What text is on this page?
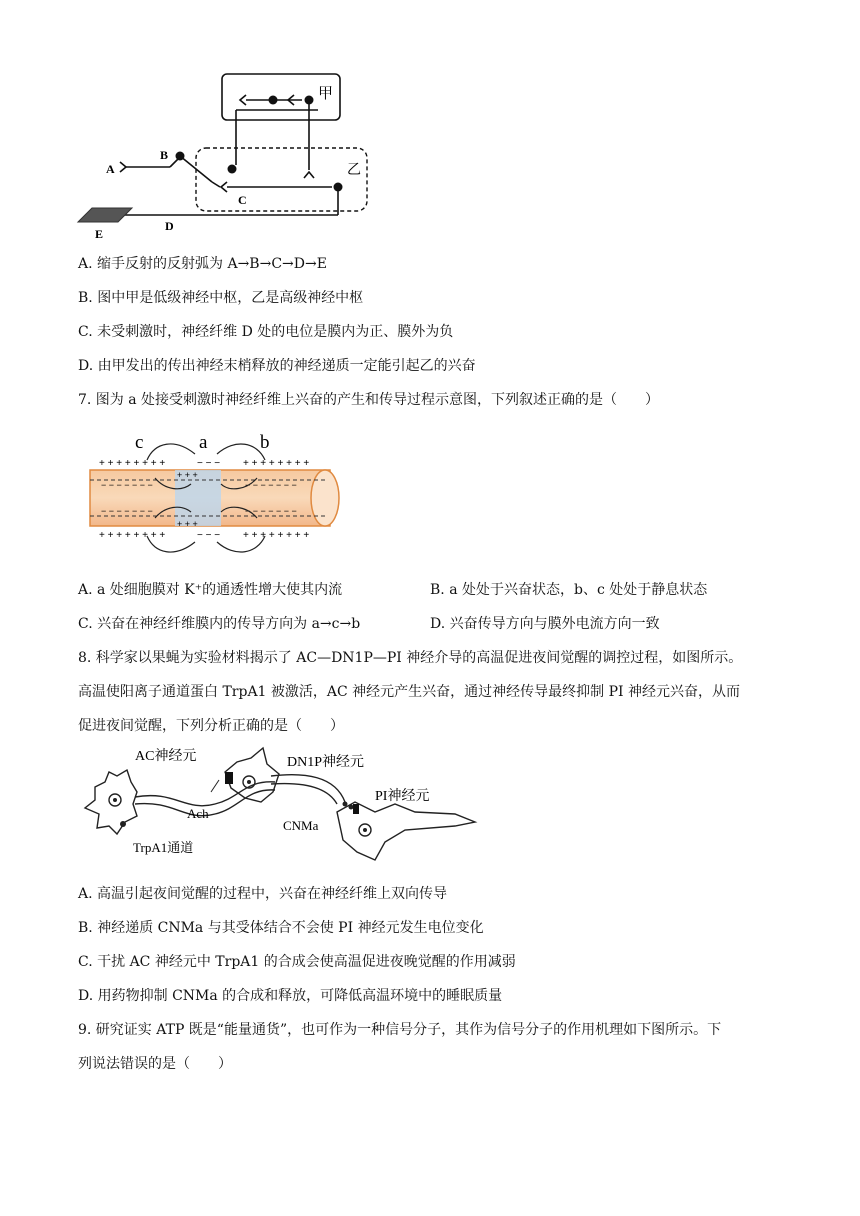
甲
乙
A
B
C
D
E
A. 缩手反射的反射弧为 A→B→C→D→E
B. 图中甲是低级神经中枢，乙是高级神经中枢
C. 未受刺激时，神经纤维 D 处的电位是膜内为正、膜外为负
D. 由甲发出的传出神经末梢释放的神经递质一定能引起乙的兴奋
7. 图为 a 处接受刺激时神经纤维上兴奋的产生和传导过程示意图，下列叙述正确的是（　　）
c	a	b
+ + + + + + + +	− − − + + + + + + + +
− − − − − − −
+ + +
+ + +
− − − − − − −
− − − − − − −	− − − − − − −
+ + + + + + + +	− − − + + + + + + + +
A. a 处细胞膜对 K⁺的通透性增大使其内流	B. a 处处于兴奋状态，b、c 处处于静息状态
C. 兴奋在神经纤维膜内的传导方向为 a→c→b	D. 兴奋传导方向与膜外电流方向一致
8. 科学家以果蝇为实验材料揭示了 AC—DN1P—PI 神经介导的高温促进夜间觉醒的调控过程，如图所示。
高温使阳离子通道蛋白 TrpA1 被激活，AC 神经元产生兴奋，通过神经传导最终抑制 PI 神经元兴奋，从而
促进夜间觉醒，下列分析正确的是（　　）
AC神经元	DN1P神经元
PI神经元
Ach
CNMa
TrpA1通道
A. 高温引起夜间觉醒的过程中，兴奋在神经纤维上双向传导
B. 神经递质 CNMa 与其受体结合不会使 PI 神经元发生电位变化
C. 干扰 AC 神经元中 TrpA1 的合成会使高温促进夜晚觉醒的作用减弱
D. 用药物抑制 CNMa 的合成和释放，可降低高温环境中的睡眠质量
9. 研究证实 ATP 既是“能量通货”，也可作为一种信号分子，其作为信号分子的作用机理如下图所示。下
列说法错误的是（　　）
